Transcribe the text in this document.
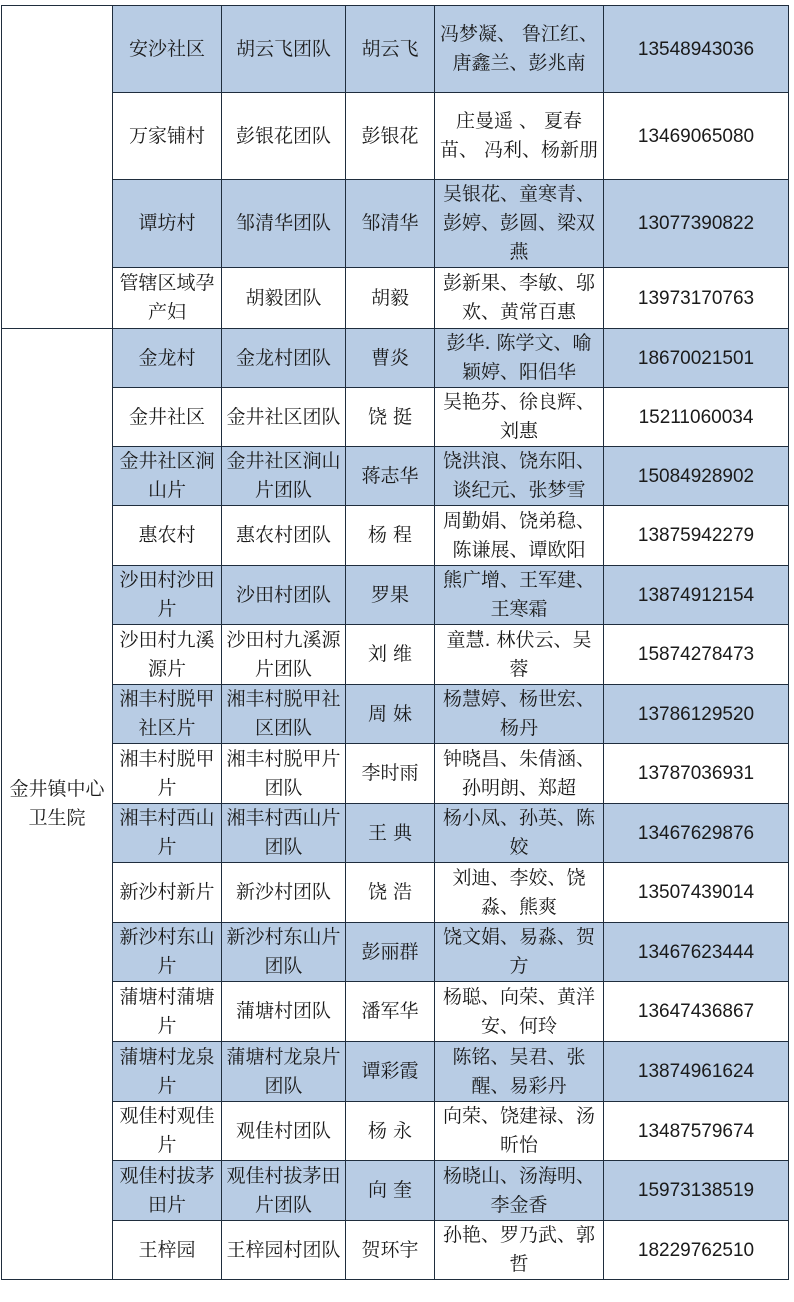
	安沙社区	胡云飞团队	胡云飞	冯梦凝、 鲁江红、唐鑫兰、彭兆南	13548943036
	万家铺村	彭银花团队	彭银花	庄曼遥 、 夏春苗、 冯利、杨新朋	13469065080
	谭坊村	邹清华团队	邹清华	吴银花、童寒青、彭婷、彭圆、梁双燕	13077390822
	管辖区域孕产妇	胡毅团队	胡毅	彭新果、李敏、邬欢、黄常百惠	13973170763
金井镇中心卫生院	金龙村	金龙村团队	曹炎	彭华. 陈学文、喻颖婷、阳侣华	18670021501
	金井社区	金井社区团队	饶 挺	吴艳芬、徐良辉、刘惠	15211060034
	金井社区涧山片	金井社区涧山片团队	蒋志华	饶洪浪、饶东阳、谈纪元、张梦雪	15084928902
	惠农村	惠农村团队	杨 程	周勤娟、饶弟稳、陈谦展、谭欧阳	13875942279
	沙田村沙田片	沙田村团队	罗果	熊广增、王军建、王寒霜	13874912154
	沙田村九溪源片	沙田村九溪源片团队	刘 维	童慧. 林伏云、吴蓉	15874278473
	湘丰村脱甲社区片	湘丰村脱甲社区团队	周 妹	杨慧婷、杨世宏、杨丹	13786129520
	湘丰村脱甲片	湘丰村脱甲片团队	李时雨	钟晓昌、朱倩涵、孙明朗、郑超	13787036931
	湘丰村西山片	湘丰村西山片团队	王 典	杨小凤、孙英、陈姣	13467629876
	新沙村新片	新沙村团队	饶 浩	刘迪、李姣、饶淼、熊爽	13507439014
	新沙村东山片	新沙村东山片团队	彭丽群	饶文娟、易淼、贺方	13467623444
	蒲塘村蒲塘片	蒲塘村团队	潘军华	杨聪、向荣、黄洋安、何玲	13647436867
	蒲塘村龙泉片	蒲塘村龙泉片团队	谭彩霞	陈铭、吴君、张醒、易彩丹	13874961624
	观佳村观佳片	观佳村团队	杨 永	向荣、饶建禄、汤昕怡	13487579674
	观佳村拔茅田片	观佳村拔茅田片团队	向 奎	杨晓山、汤海明、李金香	15973138519
	王梓园	王梓园村团队	贺环宇	孙艳、罗乃武、郭哲	18229762510
